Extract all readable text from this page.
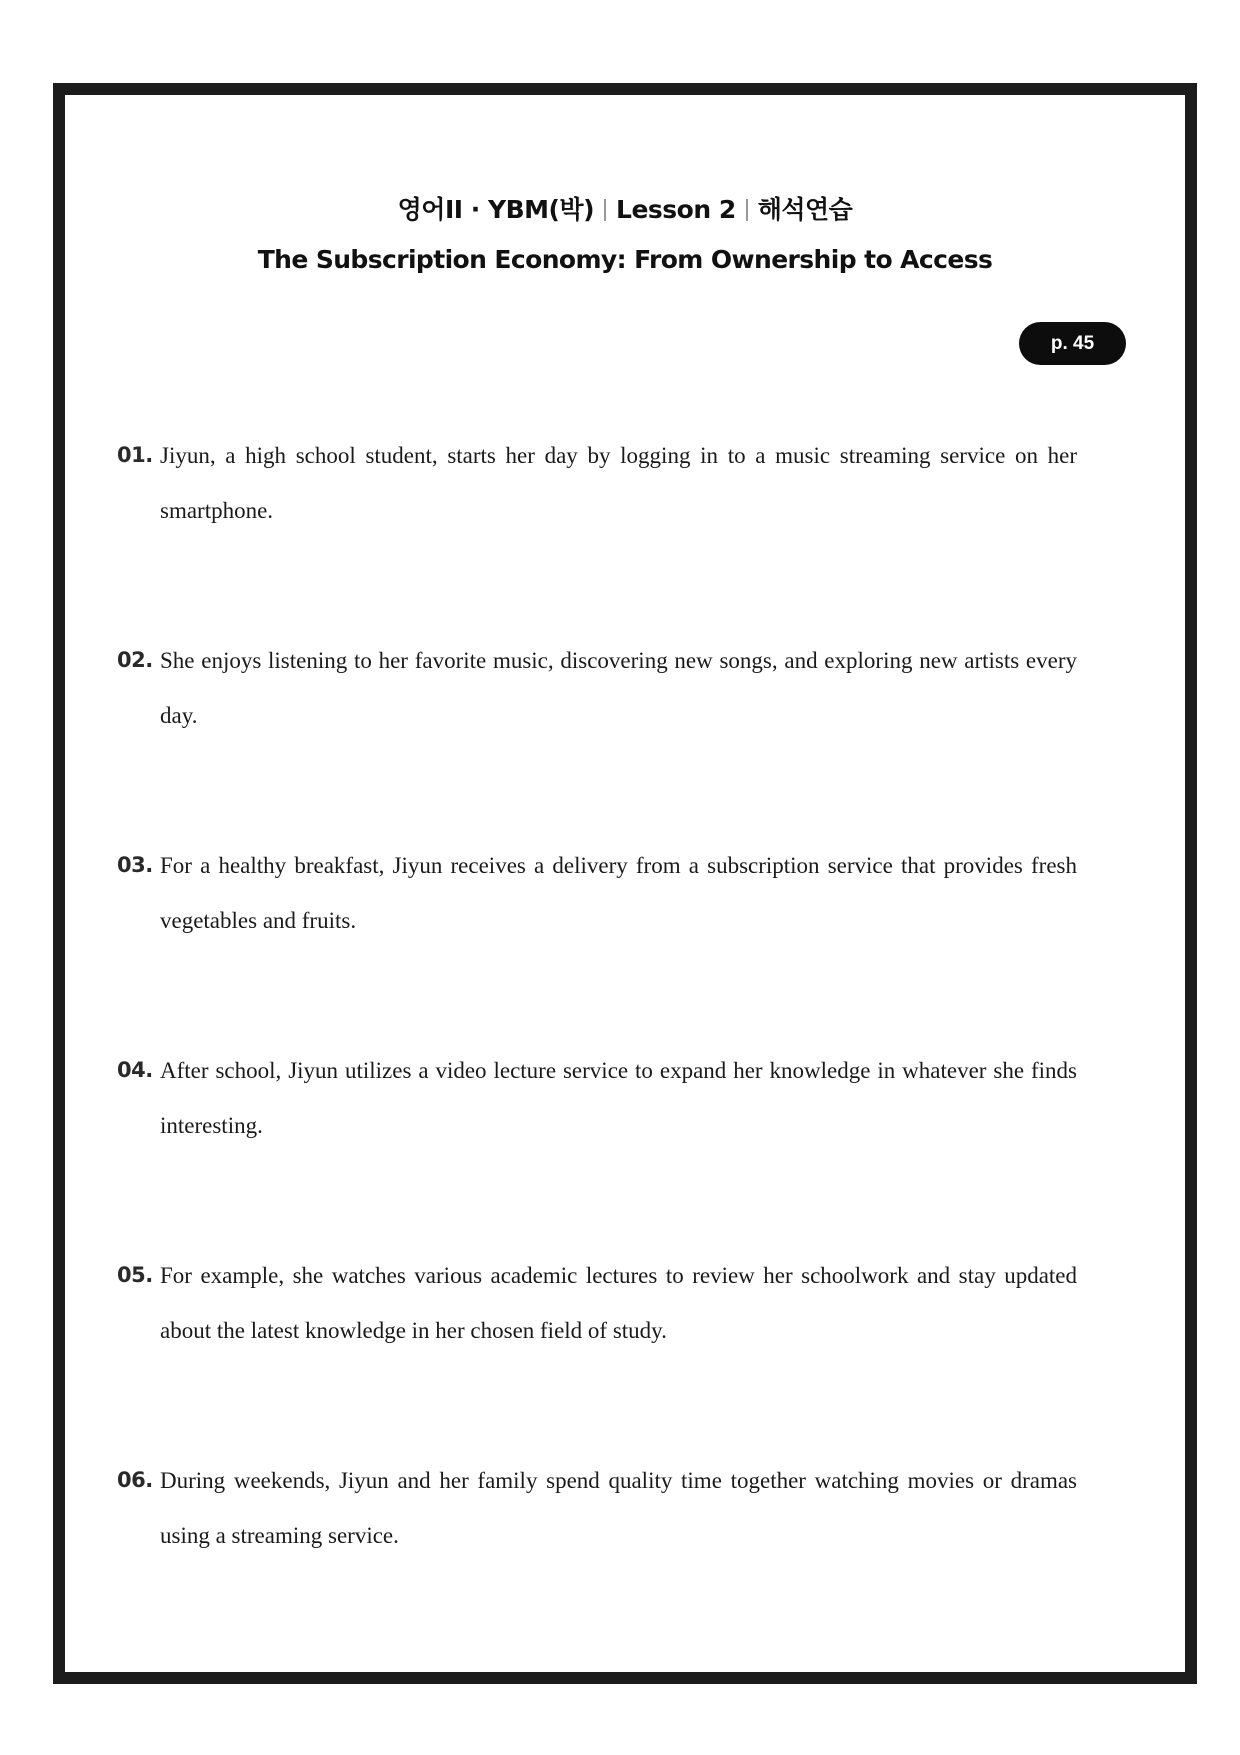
영어II · YBM(박) Lesson 2 해석연습
The Subscription Economy: From Ownership to Access
p. 45
01. Jiyun, a high school student, starts her day by logging in to a music streaming service on her smartphone.
02. She enjoys listening to her favorite music, discovering new songs, and exploring new artists every day.
03. For a healthy breakfast, Jiyun receives a delivery from a subscription service that provides fresh vegetables and fruits.
04. After school, Jiyun utilizes a video lecture service to expand her knowledge in whatever she finds interesting.
05. For example, she watches various academic lectures to review her schoolwork and stay updated about the latest knowledge in her chosen field of study.
06. During weekends, Jiyun and her family spend quality time together watching movies or dramas using a streaming service.
